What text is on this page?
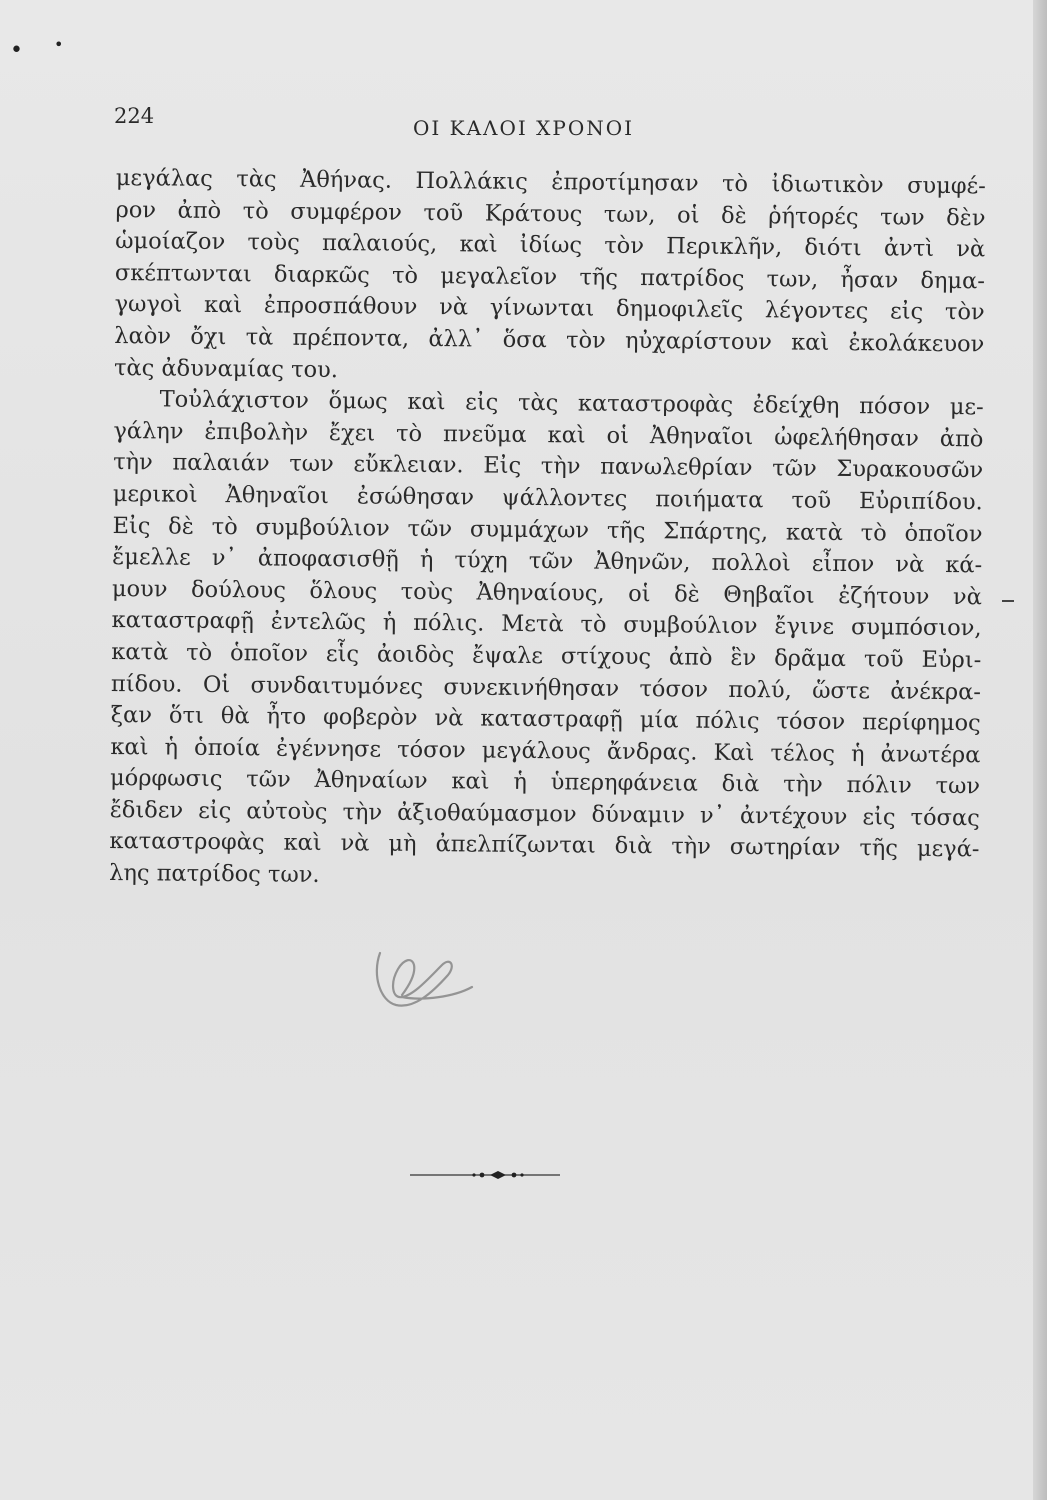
• •
224	ΟΙ ΚΑΛΟΙ ΧΡΟΝΟΙ
μεγάλας τὰς Ἀθήνας. Πολλάκις ἐπροτίμησαν τὸ ἰδιωτικὸν συμφέ-
ρον ἀπὸ τὸ συμφέρον τοῦ Κράτους των, οἱ δὲ ῥήτορές των δὲν
ὡμοίαζον τοὺς παλαιούς, καὶ ἰδίως τὸν Περικλῆν, διότι ἀντὶ νὰ
σκέπτωνται διαρκῶς τὸ μεγαλεῖον τῆς πατρίδος των, ἦσαν δημα-
γωγοὶ καὶ ἐπροσπάθουν νὰ γίνωνται δημοφιλεῖς λέγοντες εἰς τὸν
λαὸν ὄχι τὰ πρέποντα, ἀλλ᾿ ὅσα τὸν ηὐχαρίστουν καὶ ἐκολάκευον
τὰς ἀδυναμίας του.
Τοὐλάχιστον ὅμως καὶ εἰς τὰς καταστροφὰς ἐδείχθη πόσον με-
γάλην ἐπιβολὴν ἔχει τὸ πνεῦμα καὶ οἱ Ἀθηναῖοι ὠφελήθησαν ἀπὸ
τὴν παλαιάν των εὔκλειαν. Εἰς τὴν πανωλεθρίαν τῶν Συρακουσῶν
μερικοὶ Ἀθηναῖοι ἐσώθησαν ψάλλοντες ποιήματα τοῦ Εὐριπίδου.
Εἰς δὲ τὸ συμβούλιον τῶν συμμάχων τῆς Σπάρτης, κατὰ τὸ ὁποῖον
ἔμελλε ν᾿ ἀποφασισθῇ ἡ τύχη τῶν Ἀθηνῶν, πολλοὶ εἶπον νὰ κά-
μουν δούλους ὅλους τοὺς Ἀθηναίους, οἱ δὲ Θηβαῖοι ἐζήτουν νὰ
καταστραφῇ ἐντελῶς ἡ πόλις. Μετὰ τὸ συμβούλιον ἔγινε συμπόσιον,
κατὰ τὸ ὁποῖον εἷς ἀοιδὸς ἔψαλε στίχους ἀπὸ ἓν δρᾶμα τοῦ Εὐρι-
πίδου. Οἱ συνδαιτυμόνες συνεκινήθησαν τόσον πολύ, ὥστε ἀνέκρα-
ξαν ὅτι θὰ ἦτο φοβερὸν νὰ καταστραφῇ μία πόλις τόσον περίφημος
καὶ ἡ ὁποία ἐγέννησε τόσον μεγάλους ἄνδρας. Καὶ τέλος ἡ ἀνωτέρα
μόρφωσις τῶν Ἀθηναίων καὶ ἡ ὑπερηφάνεια διὰ τὴν πόλιν των
ἔδιδεν εἰς αὐτοὺς τὴν ἀξιοθαύμασμον δύναμιν ν᾿ ἀντέχουν εἰς τόσας
καταστροφὰς καὶ νὰ μὴ ἀπελπίζωνται διὰ τὴν σωτηρίαν τῆς μεγά-
λης πατρίδος των.
